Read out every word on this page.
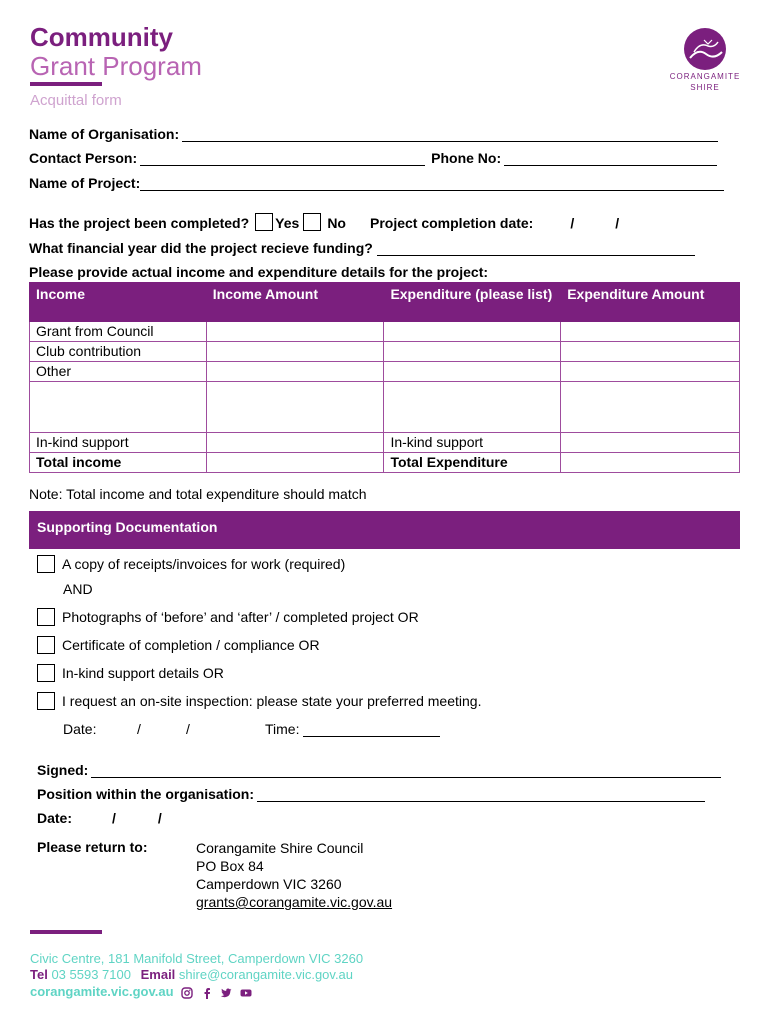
Community
Grant Program
Acquittal form
CORANGAMITE
SHIRE
Name of Organisation:
Contact Person:	Phone No:
Name of Project:
Has the project been completed? Yes No Project completion date:	/	/
What financial year did the project recieve funding?
Please provide actual income and expenditure details for the project:
Income	Income Amount	Expenditure (please list)	Expenditure Amount
Grant from Council			
Club contribution			
Other			

In-kind support		In-kind support	
Total income		Total Expenditure	
Note: Total income and total expenditure should match
Supporting Documentation
A copy of receipts/invoices for work (required)
AND
Photographs of ‘before’ and ‘after’ / completed project OR
Certificate of completion / compliance OR
In-kind support details OR
I request an on-site inspection: please state your preferred meeting.
Date:	/	/	Time:
Signed:
Position within the organisation:
Date:	/	/
Please return to:	Corangamite Shire Council
PO Box 84
Camperdown VIC 3260
grants@corangamite.vic.gov.au
Civic Centre, 181 Manifold Street, Camperdown VIC 3260
Tel 03 5593 7100 Email shire@corangamite.vic.gov.au
corangamite.vic.gov.au
